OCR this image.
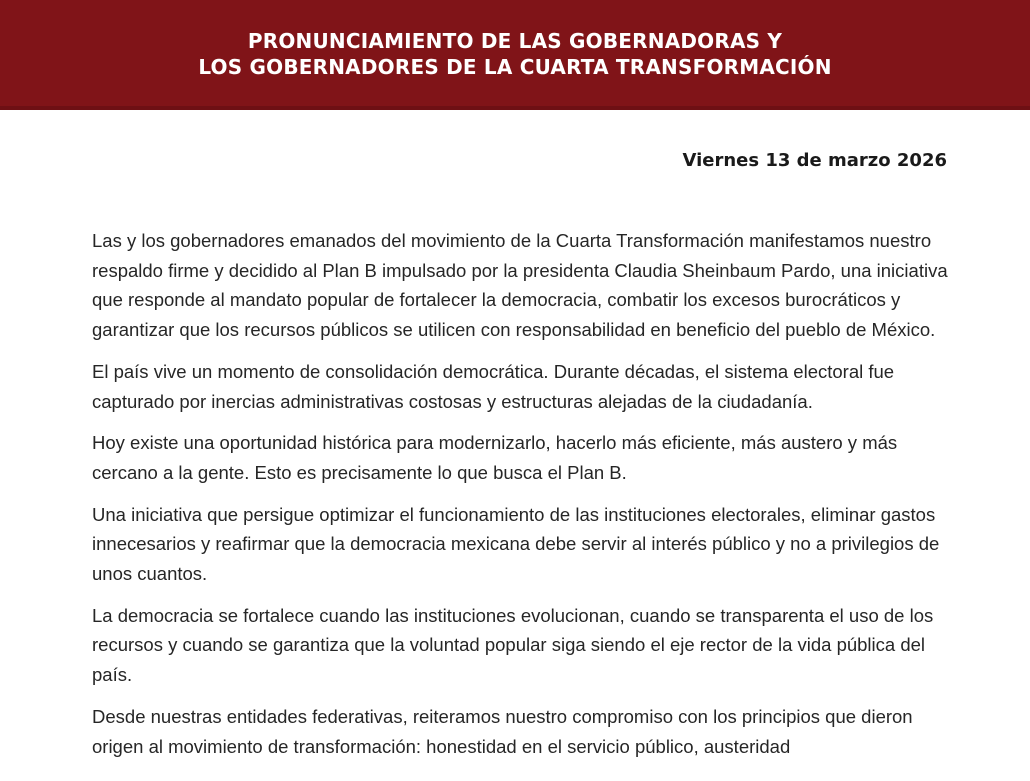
PRONUNCIAMIENTO DE LAS GOBERNADORAS Y
LOS GOBERNADORES DE LA CUARTA TRANSFORMACIÓN
Viernes 13 de marzo 2026

Las y los gobernadores emanados del movimiento de la Cuarta Transformación manifestamos nuestro respaldo firme y decidido al Plan B impulsado por la presidenta Claudia Sheinbaum Pardo, una iniciativa que responde al mandato popular de fortalecer la democracia, combatir los excesos burocráticos y garantizar que los recursos públicos se utilicen con responsabilidad en beneficio del pueblo de México.

El país vive un momento de consolidación democrática. Durante décadas, el sistema electoral fue capturado por inercias administrativas costosas y estructuras alejadas de la ciudadanía.

Hoy existe una oportunidad histórica para modernizarlo, hacerlo más eficiente, más austero y más cercano a la gente. Esto es precisamente lo que busca el Plan B.

Una iniciativa que persigue optimizar el funcionamiento de las instituciones electorales, eliminar gastos innecesarios y reafirmar que la democracia mexicana debe servir al interés público y no a privilegios de unos cuantos.

La democracia se fortalece cuando las instituciones evolucionan, cuando se transparenta el uso de los recursos y cuando se garantiza que la voluntad popular siga siendo el eje rector de la vida pública del país.

Desde nuestras entidades federativas, reiteramos nuestro compromiso con los principios que dieron origen al movimiento de transformación: honestidad en el servicio público, austeridad
